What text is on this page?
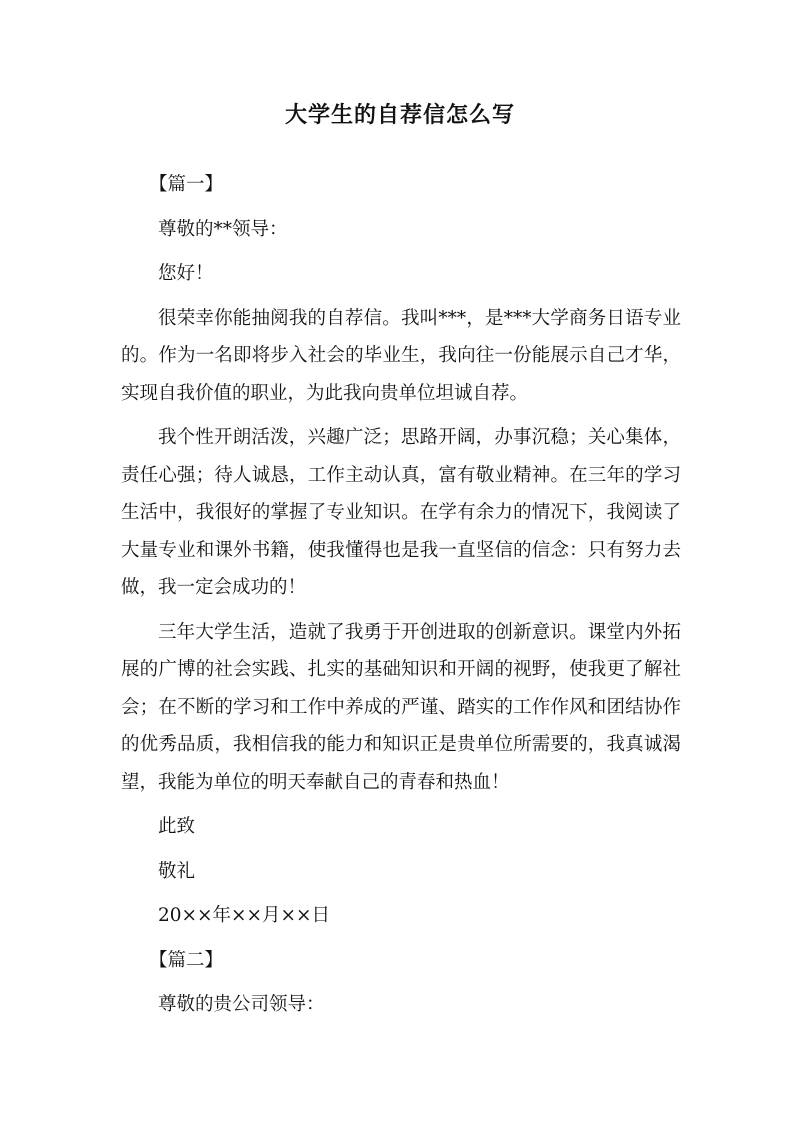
大学生的自荐信怎么写

【篇一】

尊敬的**领导：

您好！

很荣幸你能抽阅我的自荐信。我叫***，是***大学商务日语专业的。作为一名即将步入社会的毕业生，我向往一份能展示自己才华，实现自我价值的职业，为此我向贵单位坦诚自荐。

我个性开朗活泼，兴趣广泛；思路开阔，办事沉稳；关心集体，责任心强；待人诚恳，工作主动认真，富有敬业精神。在三年的学习生活中，我很好的掌握了专业知识。在学有余力的情况下，我阅读了大量专业和课外书籍，使我懂得也是我一直坚信的信念：只有努力去做，我一定会成功的！

三年大学生活，造就了我勇于开创进取的创新意识。课堂内外拓展的广博的社会实践、扎实的基础知识和开阔的视野，使我更了解社会；在不断的学习和工作中养成的严谨、踏实的工作作风和团结协作的优秀品质，我相信我的能力和知识正是贵单位所需要的，我真诚渴望，我能为单位的明天奉献自己的青春和热血！

此致

敬礼

20××年××月××日

【篇二】

尊敬的贵公司领导：
